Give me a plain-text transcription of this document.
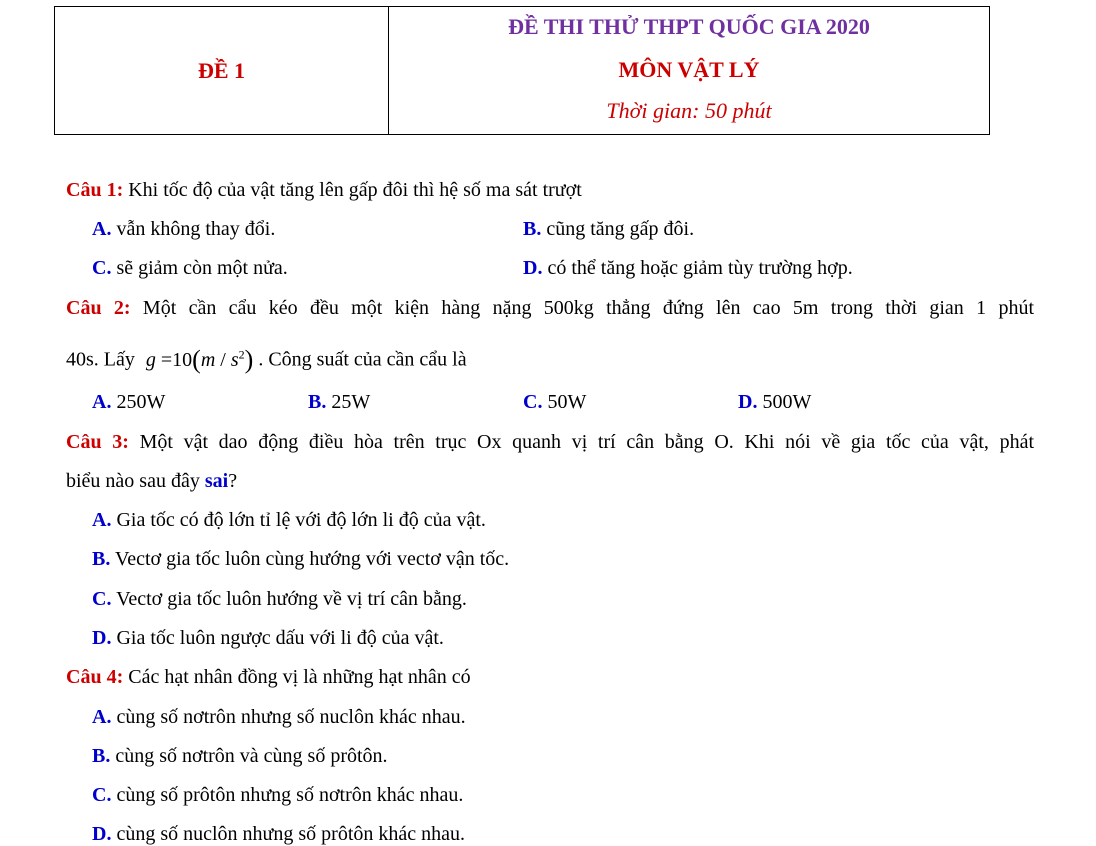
ĐỀ 1
ĐỀ THI THỬ THPT QUỐC GIA 2020
MÔN VẬT LÝ
Thời gian: 50 phút
Câu 1: Khi tốc độ của vật tăng lên gấp đôi thì hệ số ma sát trượt
A. vẫn không thay đổi.	B. cũng tăng gấp đôi.
C. sẽ giảm còn một nửa.	D. có thể tăng hoặc giảm tùy trường hợp.
Câu 2: Một cần cẩu kéo đều một kiện hàng nặng 500kg thẳng đứng lên cao 5m trong thời gian 1 phút
40s. Lấy $g =10(m / s^2)$ . Công suất của cần cẩu là
A. 250W	B. 25W	C. 50W	D. 500W
Câu 3: Một vật dao động điều hòa trên trục Ox quanh vị trí cân bằng O. Khi nói về gia tốc của vật, phát
biểu nào sau đây sai?
A. Gia tốc có độ lớn tỉ lệ với độ lớn li độ của vật.
B. Vectơ gia tốc luôn cùng hướng với vectơ vận tốc.
C. Vectơ gia tốc luôn hướng về vị trí cân bằng.
D. Gia tốc luôn ngược dấu với li độ của vật.
Câu 4: Các hạt nhân đồng vị là những hạt nhân có
A. cùng số nơtrôn nhưng số nuclôn khác nhau.
B. cùng số nơtrôn và cùng số prôtôn.
C. cùng số prôtôn nhưng số nơtrôn khác nhau.
D. cùng số nuclôn nhưng số prôtôn khác nhau.
